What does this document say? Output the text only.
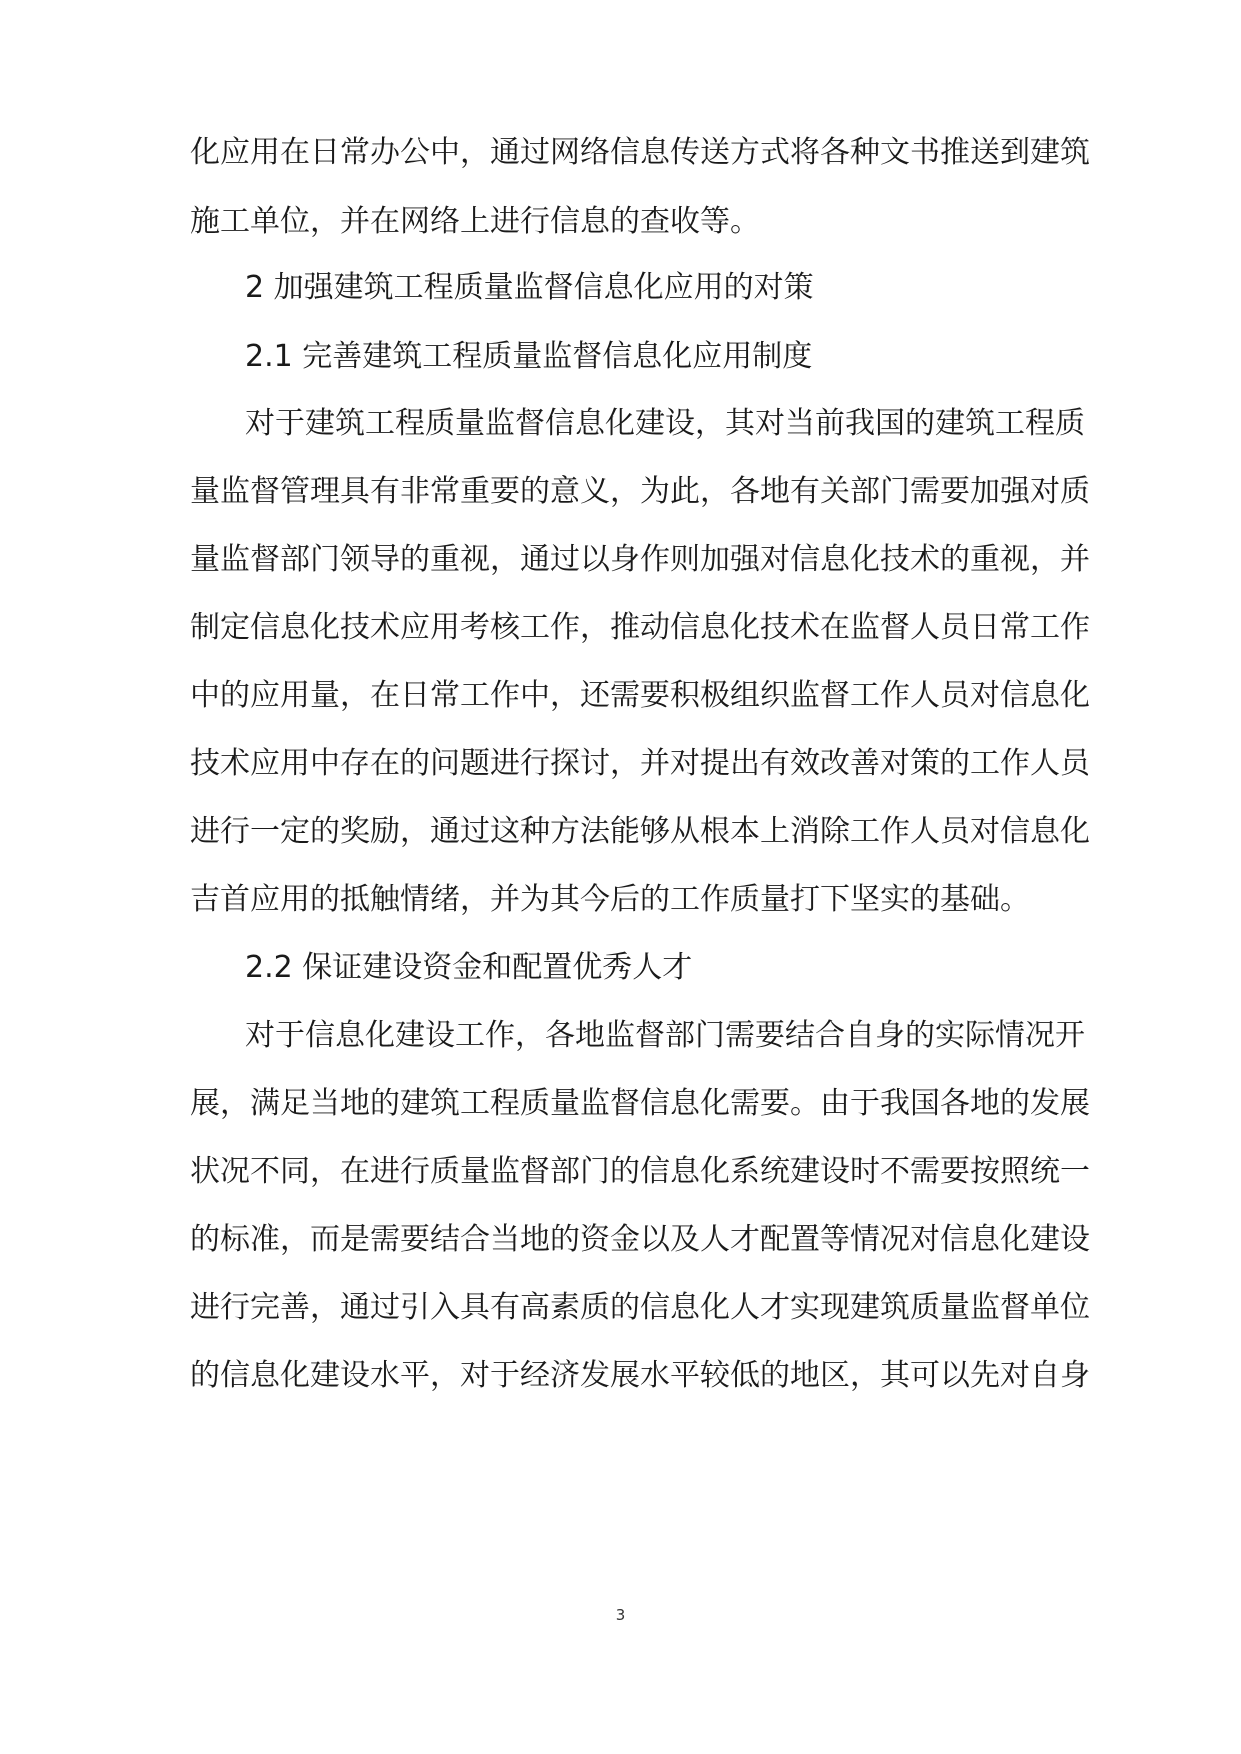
化应用在日常办公中，通过网络信息传送方式将各种文书推送到建筑
施工单位，并在网络上进行信息的查收等。
2 加强建筑工程质量监督信息化应用的对策
2.1 完善建筑工程质量监督信息化应用制度
对于建筑工程质量监督信息化建设，其对当前我国的建筑工程质
量监督管理具有非常重要的意义，为此，各地有关部门需要加强对质
量监督部门领导的重视，通过以身作则加强对信息化技术的重视，并
制定信息化技术应用考核工作，推动信息化技术在监督人员日常工作
中的应用量，在日常工作中，还需要积极组织监督工作人员对信息化
技术应用中存在的问题进行探讨，并对提出有效改善对策的工作人员
进行一定的奖励，通过这种方法能够从根本上消除工作人员对信息化
吉首应用的抵触情绪，并为其今后的工作质量打下坚实的基础。
2.2 保证建设资金和配置优秀人才
对于信息化建设工作，各地监督部门需要结合自身的实际情况开
展，满足当地的建筑工程质量监督信息化需要。由于我国各地的发展
状况不同，在进行质量监督部门的信息化系统建设时不需要按照统一
的标准，而是需要结合当地的资金以及人才配置等情况对信息化建设
进行完善，通过引入具有高素质的信息化人才实现建筑质量监督单位
的信息化建设水平，对于经济发展水平较低的地区，其可以先对自身
3
